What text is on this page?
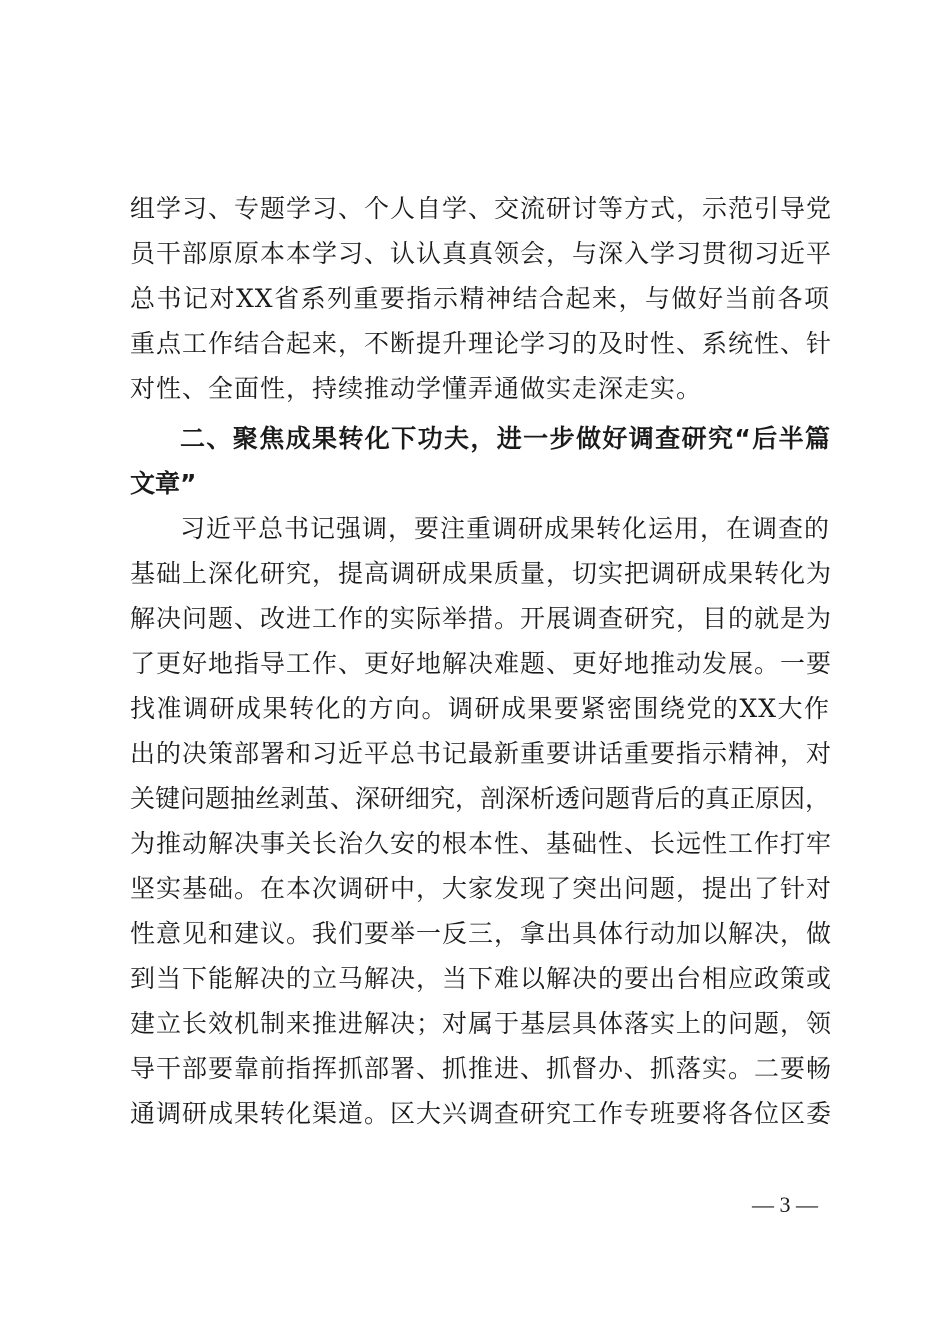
组学习、专题学习、个人自学、交流研讨等方式，示范引导党
员干部原原本本学习、认认真真领会，与深入学习贯彻习近平
总书记对XX省系列重要指示精神结合起来，与做好当前各项
重点工作结合起来，不断提升理论学习的及时性、系统性、针
对性、全面性，持续推动学懂弄通做实走深走实。
二、聚焦成果转化下功夫，进一步做好调查研究“后半篇
文章”
习近平总书记强调，要注重调研成果转化运用，在调查的
基础上深化研究，提高调研成果质量，切实把调研成果转化为
解决问题、改进工作的实际举措。开展调查研究，目的就是为
了更好地指导工作、更好地解决难题、更好地推动发展。一要
找准调研成果转化的方向。调研成果要紧密围绕党的XX大作
出的决策部署和习近平总书记最新重要讲话重要指示精神，对
关键问题抽丝剥茧、深研细究，剖深析透问题背后的真正原因，
为推动解决事关长治久安的根本性、基础性、长远性工作打牢
坚实基础。在本次调研中，大家发现了突出问题，提出了针对
性意见和建议。我们要举一反三，拿出具体行动加以解决，做
到当下能解决的立马解决，当下难以解决的要出台相应政策或
建立长效机制来推进解决；对属于基层具体落实上的问题，领
导干部要靠前指挥抓部署、抓推进、抓督办、抓落实。二要畅
通调研成果转化渠道。区大兴调查研究工作专班要将各位区委
— 3 —
